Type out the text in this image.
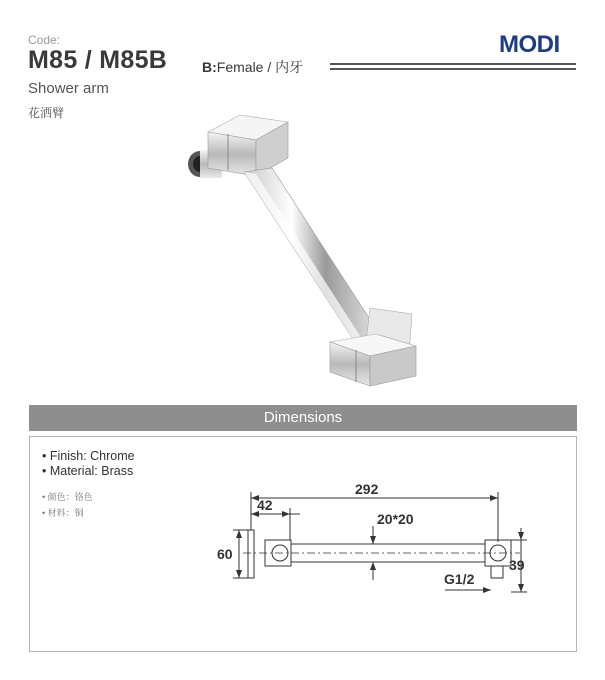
Code:
M85 / M85B B:Female / 内牙
MODI
Shower arm
花洒臂
Dimensions
• Finish: Chrome
• Material: Brass
• 颜色：铬色
• 材料：铜
292
42
20*20
60
G1/2
39
